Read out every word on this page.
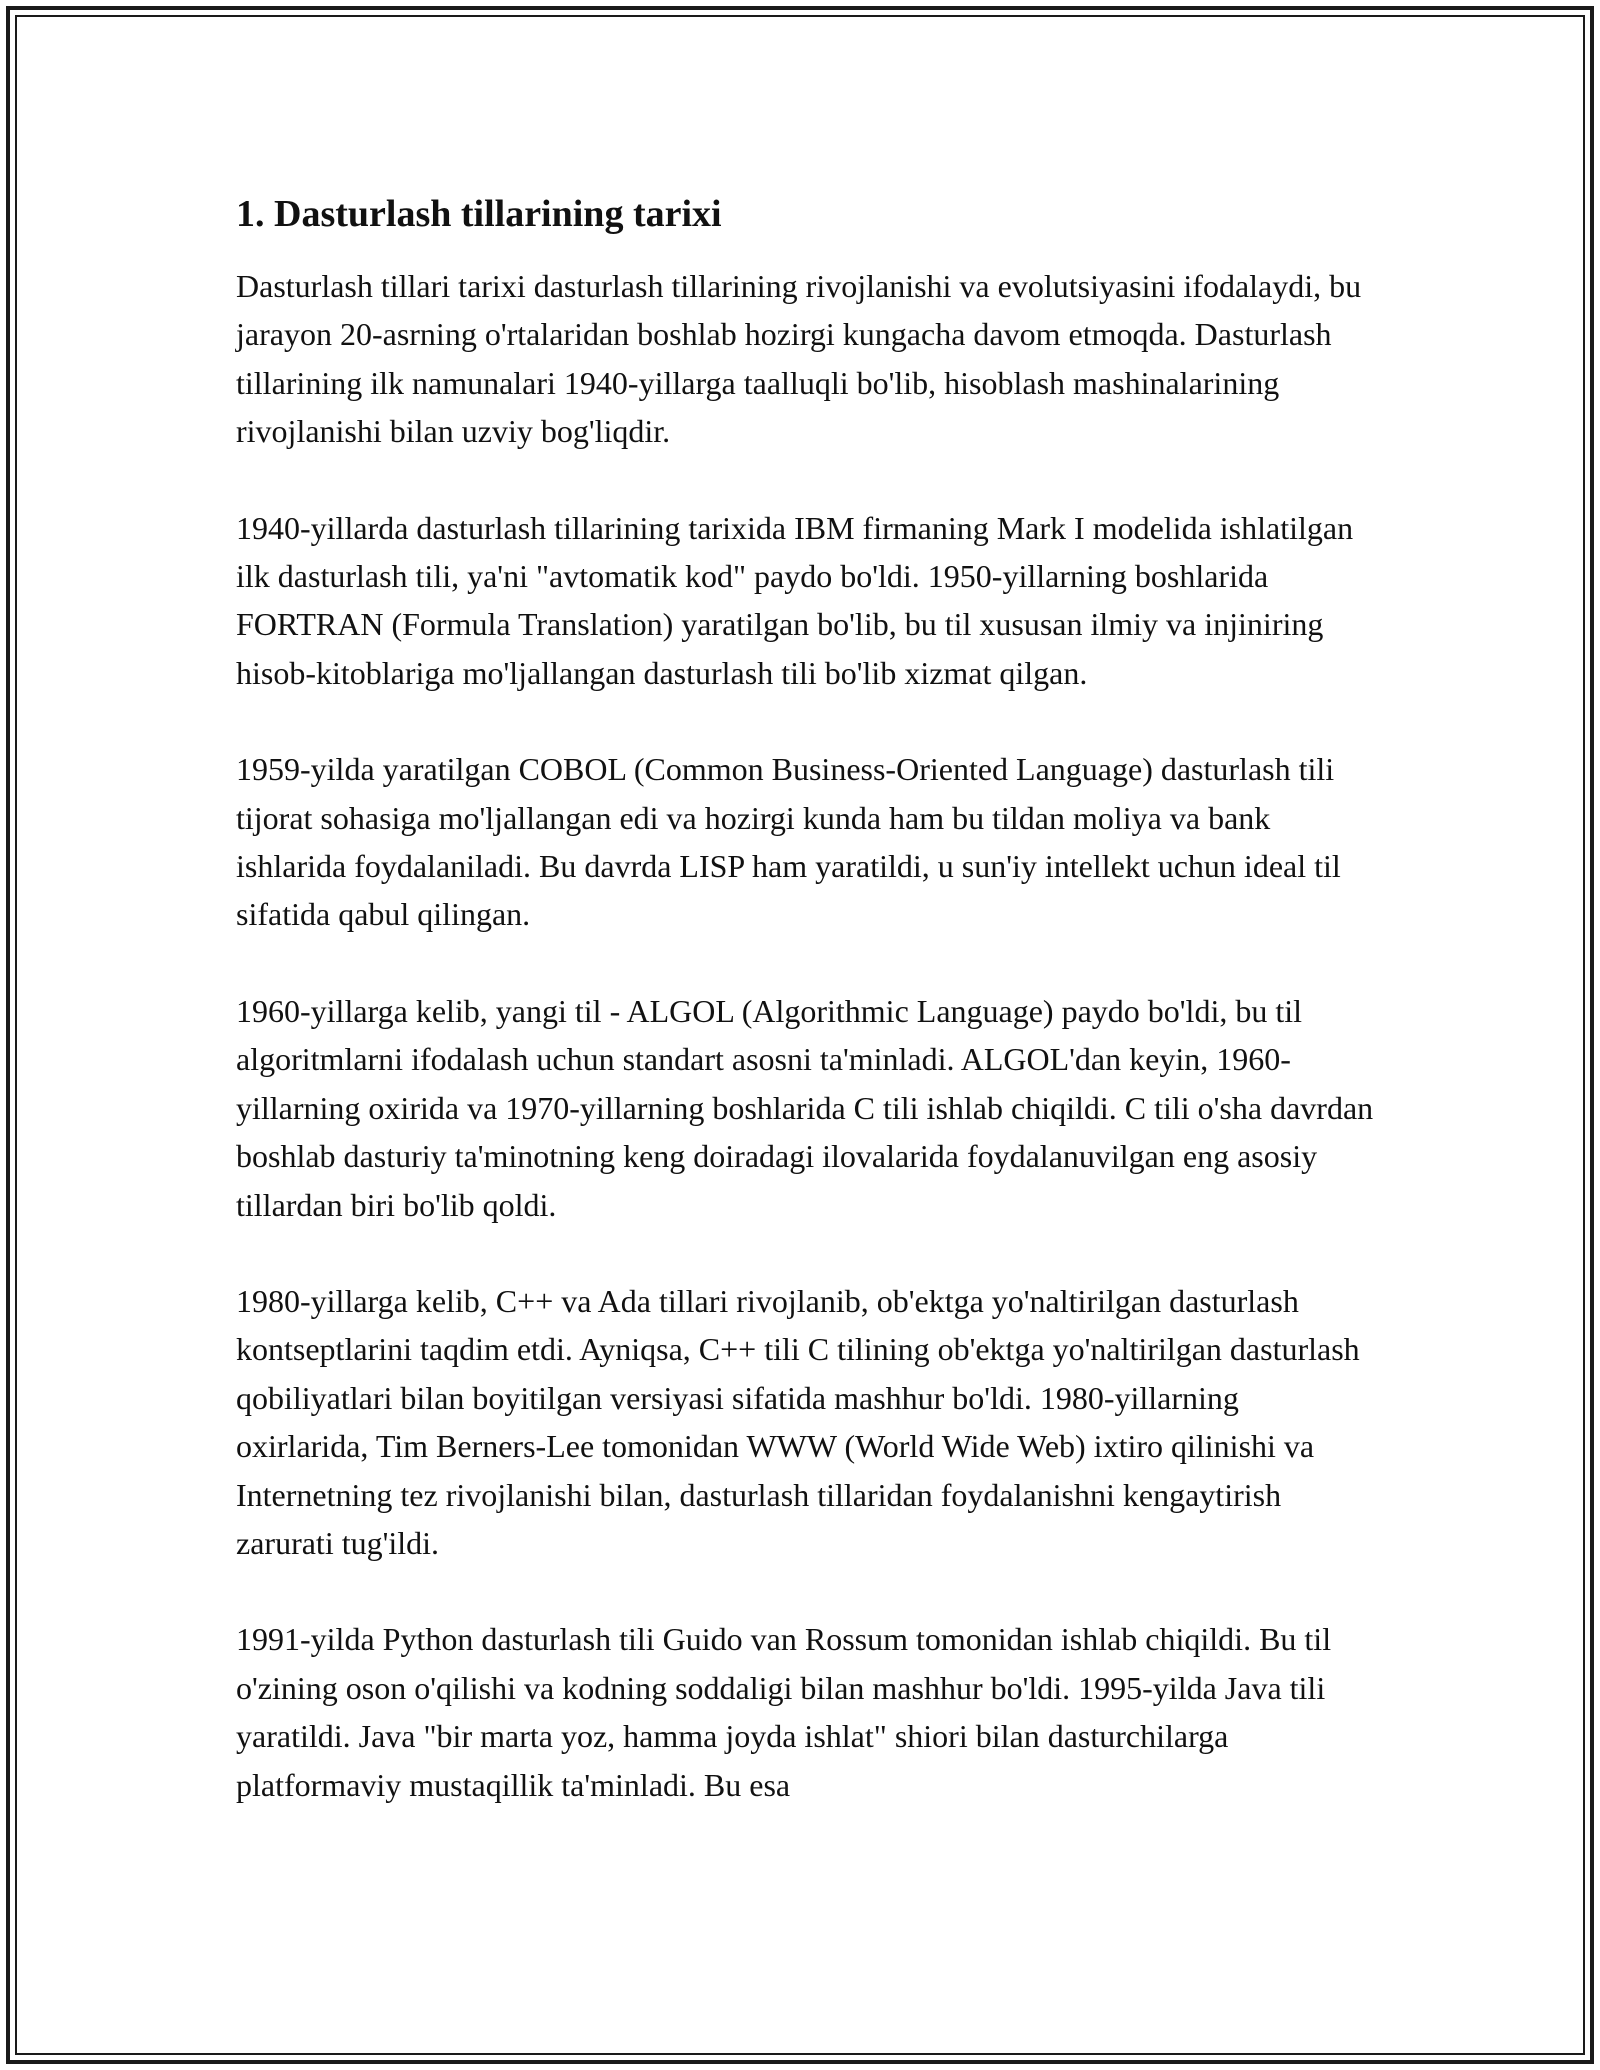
1. Dasturlash tillarining tarixi

Dasturlash tillari tarixi dasturlash tillarining rivojlanishi va evolutsiyasini ifodalaydi, bu jarayon 20-asrning o'rtalaridan boshlab hozirgi kungacha davom etmoqda. Dasturlash tillarining ilk namunalari 1940-yillarga taalluqli bo'lib, hisoblash mashinalarining rivojlanishi bilan uzviy bog'liqdir.

1940-yillarda dasturlash tillarining tarixida IBM firmaning Mark I modelida ishlatilgan ilk dasturlash tili, ya'ni "avtomatik kod" paydo bo'ldi. 1950-yillarning boshlarida FORTRAN (Formula Translation) yaratilgan bo'lib, bu til xususan ilmiy va injiniring hisob-kitoblariga mo'ljallangan dasturlash tili bo'lib xizmat qilgan.

1959-yilda yaratilgan COBOL (Common Business-Oriented Language) dasturlash tili tijorat sohasiga mo'ljallangan edi va hozirgi kunda ham bu tildan moliya va bank ishlarida foydalaniladi. Bu davrda LISP ham yaratildi, u sun'iy intellekt uchun ideal til sifatida qabul qilingan.

1960-yillarga kelib, yangi til - ALGOL (Algorithmic Language) paydo bo'ldi, bu til algoritmlarni ifodalash uchun standart asosni ta'minladi. ALGOL'dan keyin, 1960-yillarning oxirida va 1970-yillarning boshlarida C tili ishlab chiqildi. C tili o'sha davrdan boshlab dasturiy ta'minotning keng doiradagi ilovalarida foydalanuvilgan eng asosiy tillardan biri bo'lib qoldi.

1980-yillarga kelib, C++ va Ada tillari rivojlanib, ob'ektga yo'naltirilgan dasturlash kontseptlarini taqdim etdi. Ayniqsa, C++ tili C tilining ob'ektga yo'naltirilgan dasturlash qobiliyatlari bilan boyitilgan versiyasi sifatida mashhur bo'ldi. 1980-yillarning oxirlarida, Tim Berners-Lee tomonidan WWW (World Wide Web) ixtiro qilinishi va Internetning tez rivojlanishi bilan, dasturlash tillaridan foydalanishni kengaytirish zarurati tug'ildi.

1991-yilda Python dasturlash tili Guido van Rossum tomonidan ishlab chiqildi. Bu til o'zining oson o'qilishi va kodning soddaligi bilan mashhur bo'ldi. 1995-yilda Java tili yaratildi. Java "bir marta yoz, hamma joyda ishlat" shiori bilan dasturchilarga platformaviy mustaqillik ta'minladi. Bu esa
